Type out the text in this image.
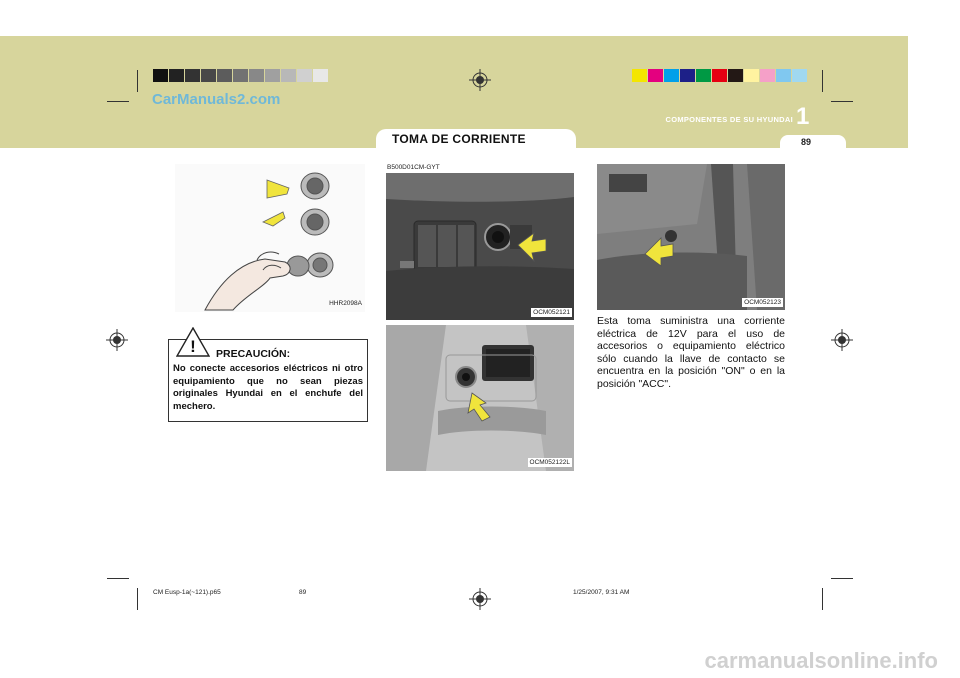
CarManuals2.com
COMPONENTES DE SU HYUNDAI 1
89
TOMA DE CORRIENTE
B500D01CM-GYT
HHR2098A
! PRECAUCIÓN:
No conecte accesorios eléctricos ni otro equipamiento que no sean piezas originales Hyundai en el enchufe del mechero.
OCM052121
OCM052122L
OCM052123
Esta toma suministra una corriente eléctrica de 12V para el uso de accesorios o equipamiento eléctrico sólo cuando la llave de contacto se encuentra en la posición "ON" o en la posición "ACC".
CM Eusp-1a(~121).p65	89	1/25/2007, 9:31 AM
carmanualsonline.info
